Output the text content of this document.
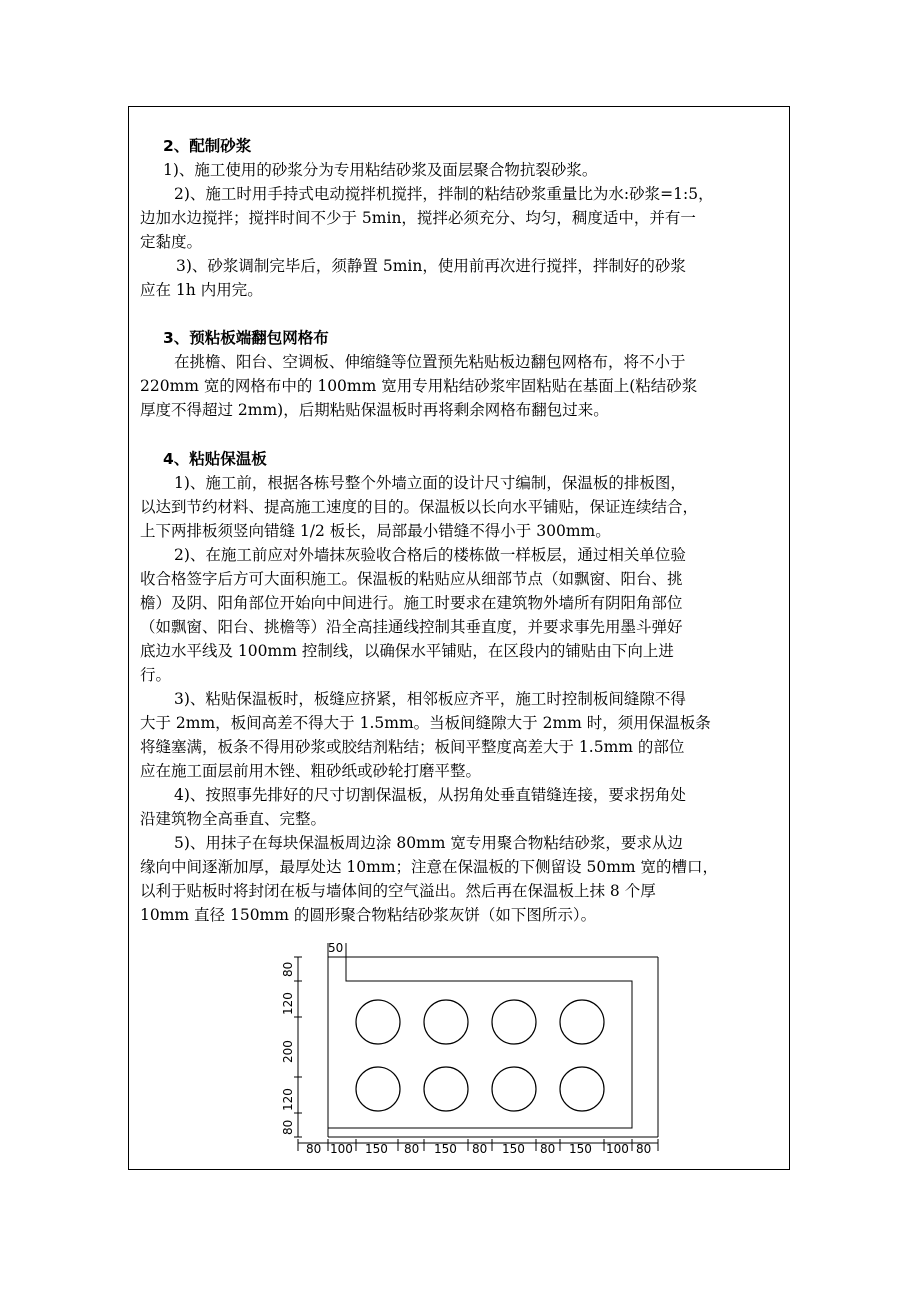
2、配制砂浆
1)、施工使用的砂浆分为专用粘结砂浆及面层聚合物抗裂砂浆。
2)、施工时用手持式电动搅拌机搅拌，拌制的粘结砂浆重量比为水:砂浆=1:5，
边加水边搅拌；搅拌时间不少于 5min，搅拌必须充分、均匀，稠度适中，并有一
定黏度。
3)、砂浆调制完毕后，须静置 5min，使用前再次进行搅拌，拌制好的砂浆
应在 1h 内用完。
3、预粘板端翻包网格布
在挑檐、阳台、空调板、伸缩缝等位置预先粘贴板边翻包网格布，将不小于
220mm 宽的网格布中的 100mm 宽用专用粘结砂浆牢固粘贴在基面上(粘结砂浆
厚度不得超过 2mm)，后期粘贴保温板时再将剩余网格布翻包过来。
4、粘贴保温板
1)、施工前，根据各栋号整个外墙立面的设计尺寸编制，保温板的排板图，
以达到节约材料、提高施工速度的目的。保温板以长向水平铺贴，保证连续结合，
上下两排板须竖向错缝 1/2 板长，局部最小错缝不得小于 300mm。
2)、在施工前应对外墙抹灰验收合格后的楼栋做一样板层，通过相关单位验
收合格签字后方可大面积施工。保温板的粘贴应从细部节点（如飘窗、阳台、挑
檐）及阴、阳角部位开始向中间进行。施工时要求在建筑物外墙所有阴阳角部位
（如飘窗、阳台、挑檐等）沿全高挂通线控制其垂直度，并要求事先用墨斗弹好
底边水平线及 100mm 控制线，以确保水平铺贴，在区段内的铺贴由下向上进
行。
3)、粘贴保温板时，板缝应挤紧，相邻板应齐平，施工时控制板间缝隙不得
大于 2mm，板间高差不得大于 1.5mm。当板间缝隙大于 2mm 时，须用保温板条
将缝塞满，板条不得用砂浆或胶结剂粘结；板间平整度高差大于 1.5mm 的部位
应在施工面层前用木锉、粗砂纸或砂轮打磨平整。
4)、按照事先排好的尺寸切割保温板，从拐角处垂直错缝连接，要求拐角处
沿建筑物全高垂直、完整。
5)、用抹子在每块保温板周边涂 80mm 宽专用聚合物粘结砂浆，要求从边
缘向中间逐渐加厚，最厚处达 10mm；注意在保温板的下侧留设 50mm 宽的槽口，
以利于贴板时将封闭在板与墙体间的空气溢出。然后再在保温板上抹 8 个厚
10mm 直径 150mm 的圆形聚合物粘结砂浆灰饼（如下图所示）。
50
80
120
200
120
80
80 100 150 80 150 80 150 80 150 100 80
